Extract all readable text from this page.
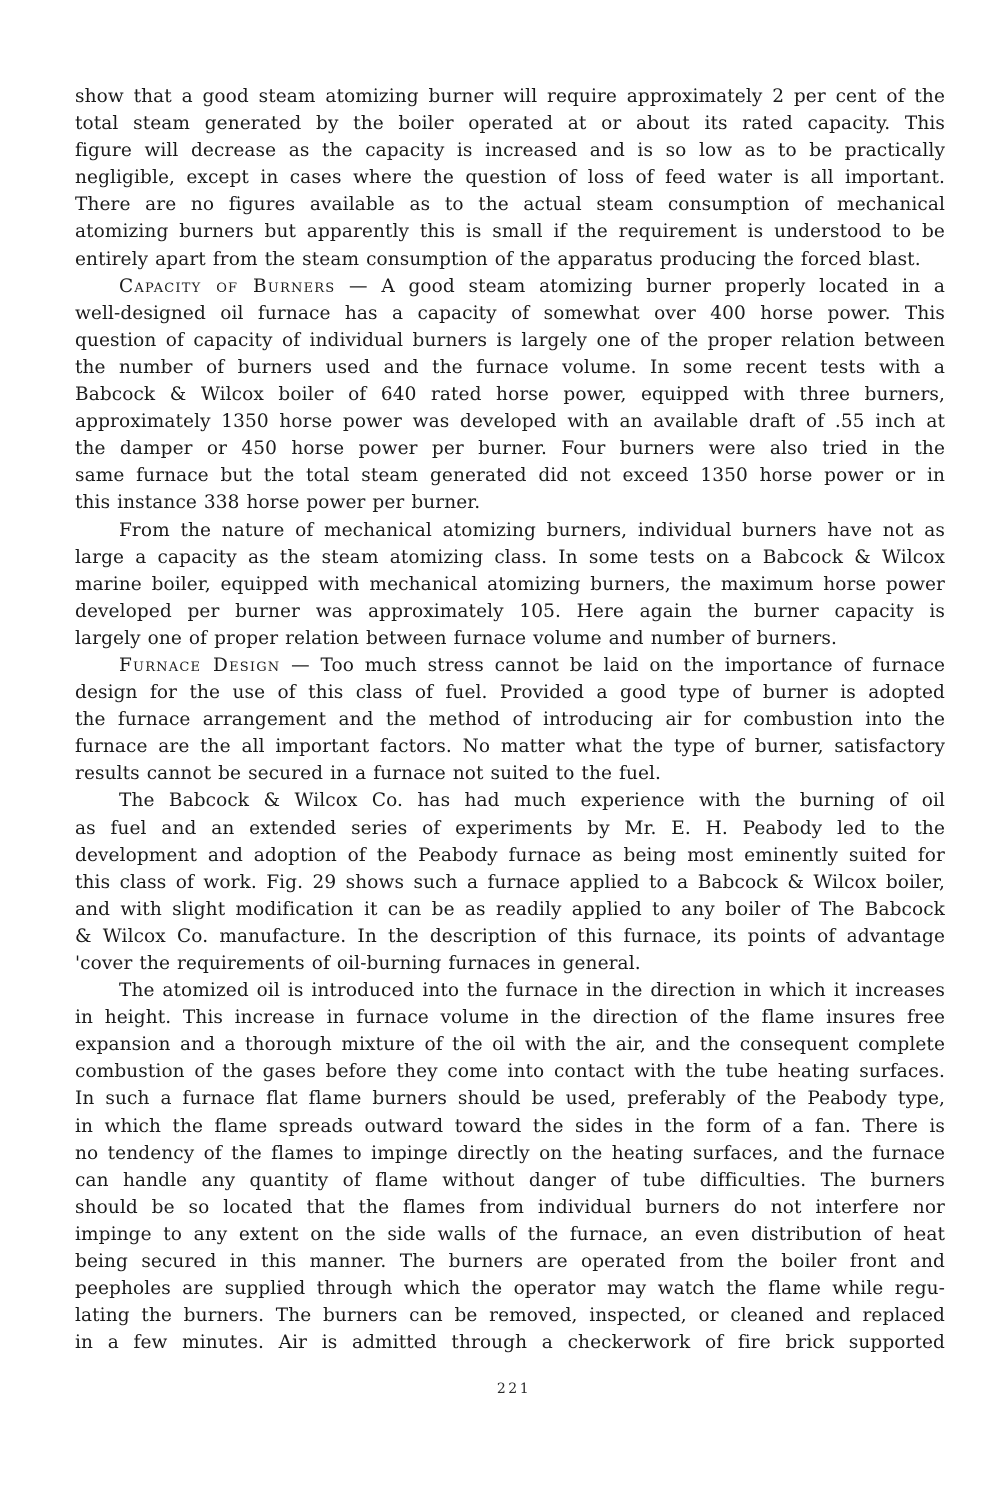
show that a good steam atomizing burner will require approximately 2 per cent of the
total steam generated by the boiler operated at or about its rated capacity. This
figure will decrease as the capacity is increased and is so low as to be practically
negligible, except in cases where the question of loss of feed water is all important.
There are no figures available as to the actual steam consumption of mechanical
atomizing burners but apparently this is small if the requirement is understood to be
entirely apart from the steam consumption of the apparatus producing the forced blast.
Capacity of Burners — A good steam atomizing burner properly located in a
well-designed oil furnace has a capacity of somewhat over 400 horse power. This
question of capacity of individual burners is largely one of the proper relation between
the number of burners used and the furnace volume. In some recent tests with a
Babcock & Wilcox boiler of 640 rated horse power, equipped with three burners,
approximately 1350 horse power was developed with an available draft of .55 inch at
the damper or 450 horse power per burner. Four burners were also tried in the
same furnace but the total steam generated did not exceed 1350 horse power or in
this instance 338 horse power per burner.
From the nature of mechanical atomizing burners, individual burners have not as
large a capacity as the steam atomizing class. In some tests on a Babcock & Wilcox
marine boiler, equipped with mechanical atomizing burners, the maximum horse power
developed per burner was approximately 105. Here again the burner capacity is
largely one of proper relation between furnace volume and number of burners.
Furnace Design — Too much stress cannot be laid on the importance of furnace
design for the use of this class of fuel. Provided a good type of burner is adopted
the furnace arrangement and the method of introducing air for combustion into the
furnace are the all important factors. No matter what the type of burner, satisfactory
results cannot be secured in a furnace not suited to the fuel.
The Babcock & Wilcox Co. has had much experience with the burning of oil
as fuel and an extended series of experiments by Mr. E. H. Peabody led to the
development and adoption of the Peabody furnace as being most eminently suited for
this class of work. Fig. 29 shows such a furnace applied to a Babcock & Wilcox boiler,
and with slight modification it can be as readily applied to any boiler of The Babcock
& Wilcox Co. manufacture. In the description of this furnace, its points of advantage
'cover the requirements of oil-burning furnaces in general.
The atomized oil is introduced into the furnace in the direction in which it increases
in height. This increase in furnace volume in the direction of the flame insures free
expansion and a thorough mixture of the oil with the air, and the consequent complete
combustion of the gases before they come into contact with the tube heating surfaces.
In such a furnace flat flame burners should be used, preferably of the Peabody type,
in which the flame spreads outward toward the sides in the form of a fan. There is
no tendency of the flames to impinge directly on the heating surfaces, and the furnace
can handle any quantity of flame without danger of tube difficulties. The burners
should be so located that the flames from individual burners do not interfere nor
impinge to any extent on the side walls of the furnace, an even distribution of heat
being secured in this manner. The burners are operated from the boiler front and
peepholes are supplied through which the operator may watch the flame while regu-
lating the burners. The burners can be removed, inspected, or cleaned and replaced
in a few minutes. Air is admitted through a checkerwork of fire brick supported
221
